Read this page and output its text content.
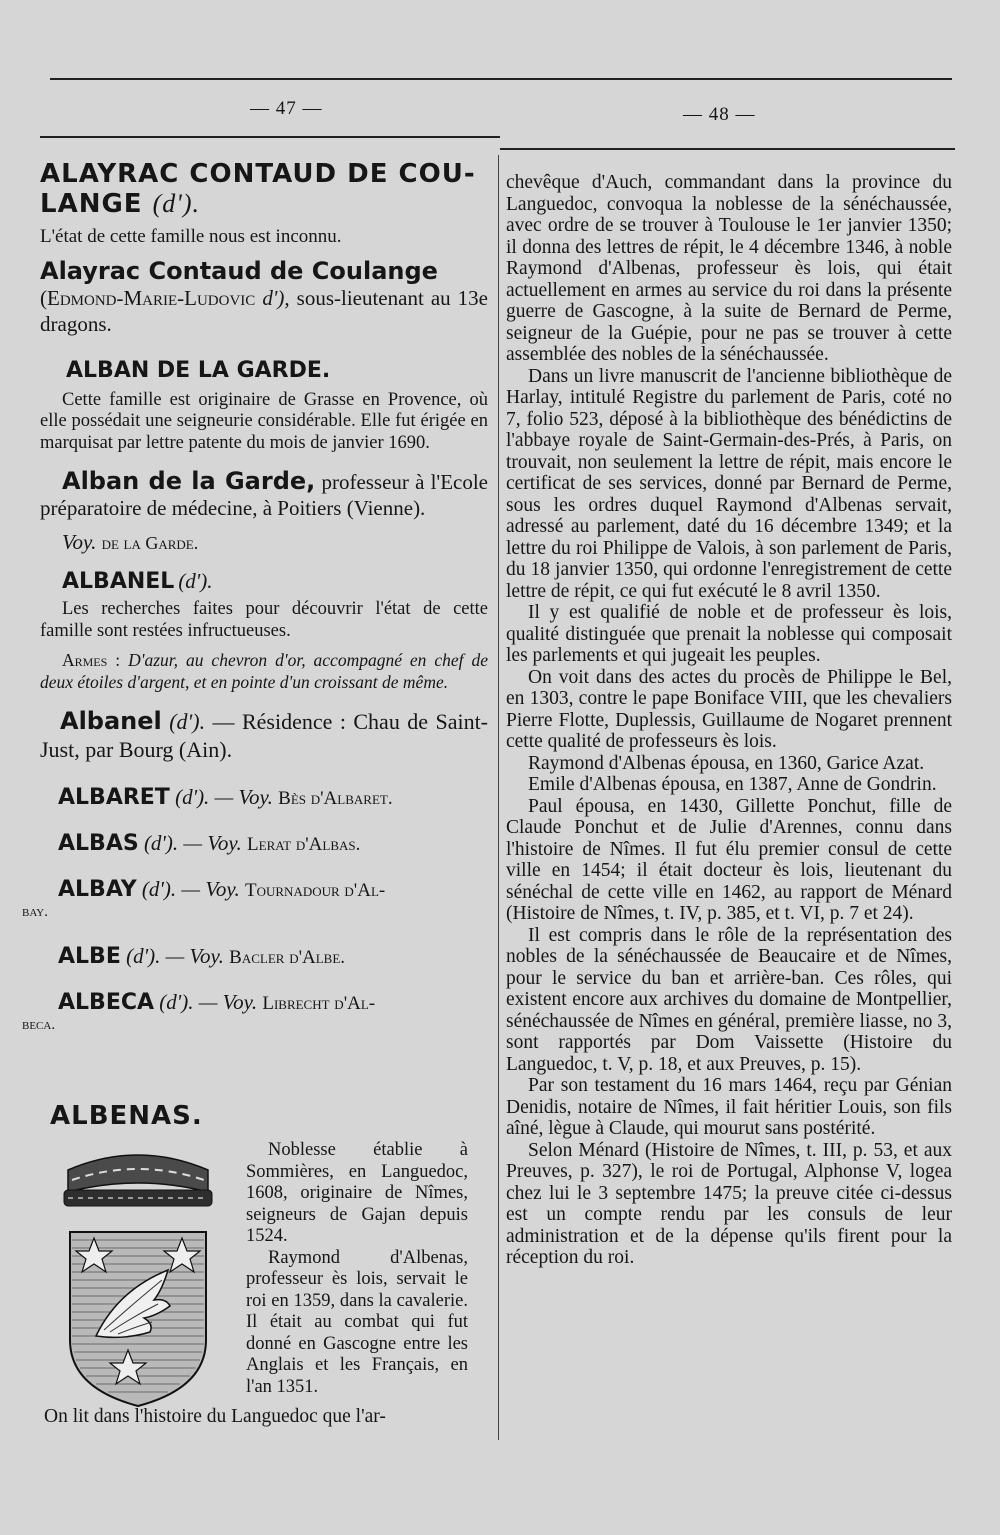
— 47 —	— 48 —

ALAYRAC CONTAUD DE COU-
LANGE (d').

L'état de cette famille nous est inconnu.

Alayrac Contaud de Coulange
(Edmond-Marie-Ludovic d'), sous-lieutenant au 13e dragons.

ALBAN DE LA GARDE.

Cette famille est originaire de Grasse en Provence, où elle possédait une seigneurie considérable. Elle fut érigée en marquisat par lettre patente du mois de janvier 1690.

Alban de la Garde, professeur à l'Ecole préparatoire de médecine, à Poitiers (Vienne).

Voy. de la Garde.

ALBANEL (d').

Les recherches faites pour découvrir l'état de cette famille sont restées infructueuses.

Armes : D'azur, au chevron d'or, accompagné en chef de deux étoiles d'argent, et en pointe d'un croissant de même.

Albanel (d'). — Résidence : Chau de Saint-Just, par Bourg (Ain).

ALBARET (d'). — Voy. Bès d'Albaret.

ALBAS (d'). — Voy. Lerat d'Albas.

ALBAY (d'). — Voy. Tournadour d'Al-

bay.

ALBE (d'). — Voy. Bacler d'Albe.

ALBECA (d'). — Voy. Librecht d'Al-

beca.

ALBENAS.

Noblesse établie à Sommières, en Languedoc, 1608, originaire de Nîmes, seigneurs de Gajan depuis 1524.

Raymond d'Albenas, professeur ès lois, servait le roi en 1359, dans la cavalerie. Il était au combat qui fut donné en Gascogne entre les Anglais et les Français, en l'an 1351.

On lit dans l'histoire du Languedoc que l'ar-

chevêque d'Auch, commandant dans la province du Languedoc, convoqua la noblesse de la sénéchaussée, avec ordre de se trouver à Toulouse le 1er janvier 1350; il donna des lettres de répit, le 4 décembre 1346, à noble Raymond d'Albenas, professeur ès lois, qui était actuellement en armes au service du roi dans la présente guerre de Gascogne, à la suite de Bernard de Perme, seigneur de la Guépie, pour ne pas se trouver à cette assemblée des nobles de la sénéchaussée.

Dans un livre manuscrit de l'ancienne bibliothèque de Harlay, intitulé Registre du parlement de Paris, coté no 7, folio 523, déposé à la bibliothèque des bénédictins de l'abbaye royale de Saint-Germain-des-Prés, à Paris, on trouvait, non seulement la lettre de répit, mais encore le certificat de ses services, donné par Bernard de Perme, sous les ordres duquel Raymond d'Albenas servait, adressé au parlement, daté du 16 décembre 1349; et la lettre du roi Philippe de Valois, à son parlement de Paris, du 18 janvier 1350, qui ordonne l'enregistrement de cette lettre de répit, ce qui fut exécuté le 8 avril 1350.

Il y est qualifié de noble et de professeur ès lois, qualité distinguée que prenait la noblesse qui composait les parlements et qui jugeait les peuples.

On voit dans des actes du procès de Philippe le Bel, en 1303, contre le pape Boniface VIII, que les chevaliers Pierre Flotte, Duplessis, Guillaume de Nogaret prennent cette qualité de professeurs ès lois.

Raymond d'Albenas épousa, en 1360, Garice Azat.

Emile d'Albenas épousa, en 1387, Anne de Gondrin.

Paul épousa, en 1430, Gillette Ponchut, fille de Claude Ponchut et de Julie d'Arennes, connu dans l'histoire de Nîmes. Il fut élu premier consul de cette ville en 1454; il était docteur ès lois, lieutenant du sénéchal de cette ville en 1462, au rapport de Ménard (Histoire de Nîmes, t. IV, p. 385, et t. VI, p. 7 et 24).

Il est compris dans le rôle de la représentation des nobles de la sénéchaussée de Beaucaire et de Nîmes, pour le service du ban et arrière-ban. Ces rôles, qui existent encore aux archives du domaine de Montpellier, sénéchaussée de Nîmes en général, première liasse, no 3, sont rapportés par Dom Vaissette (Histoire du Languedoc, t. V, p. 18, et aux Preuves, p. 15).

Par son testament du 16 mars 1464, reçu par Génian Denidis, notaire de Nîmes, il fait héritier Louis, son fils aîné, lègue à Claude, qui mourut sans postérité.

Selon Ménard (Histoire de Nîmes, t. III, p. 53, et aux Preuves, p. 327), le roi de Portugal, Alphonse V, logea chez lui le 3 septembre 1475; la preuve citée ci-dessus est un compte rendu par les consuls de leur administration et de la dépense qu'ils firent pour la réception du roi.
